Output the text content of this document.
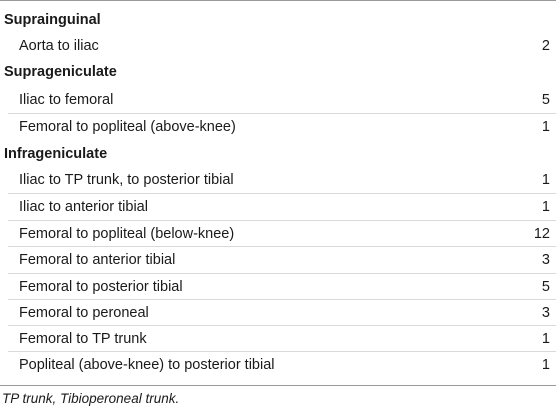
Suprainguinal
Aorta to iliac	2
Suprageniculate
Iliac to femoral	5
Femoral to popliteal (above-knee)	1
Infrageniculate
Iliac to TP trunk, to posterior tibial	1
Iliac to anterior tibial	1
Femoral to popliteal (below-knee)	12
Femoral to anterior tibial	3
Femoral to posterior tibial	5
Femoral to peroneal	3
Femoral to TP trunk	1
Popliteal (above-knee) to posterior tibial	1
TP trunk, Tibioperoneal trunk.
